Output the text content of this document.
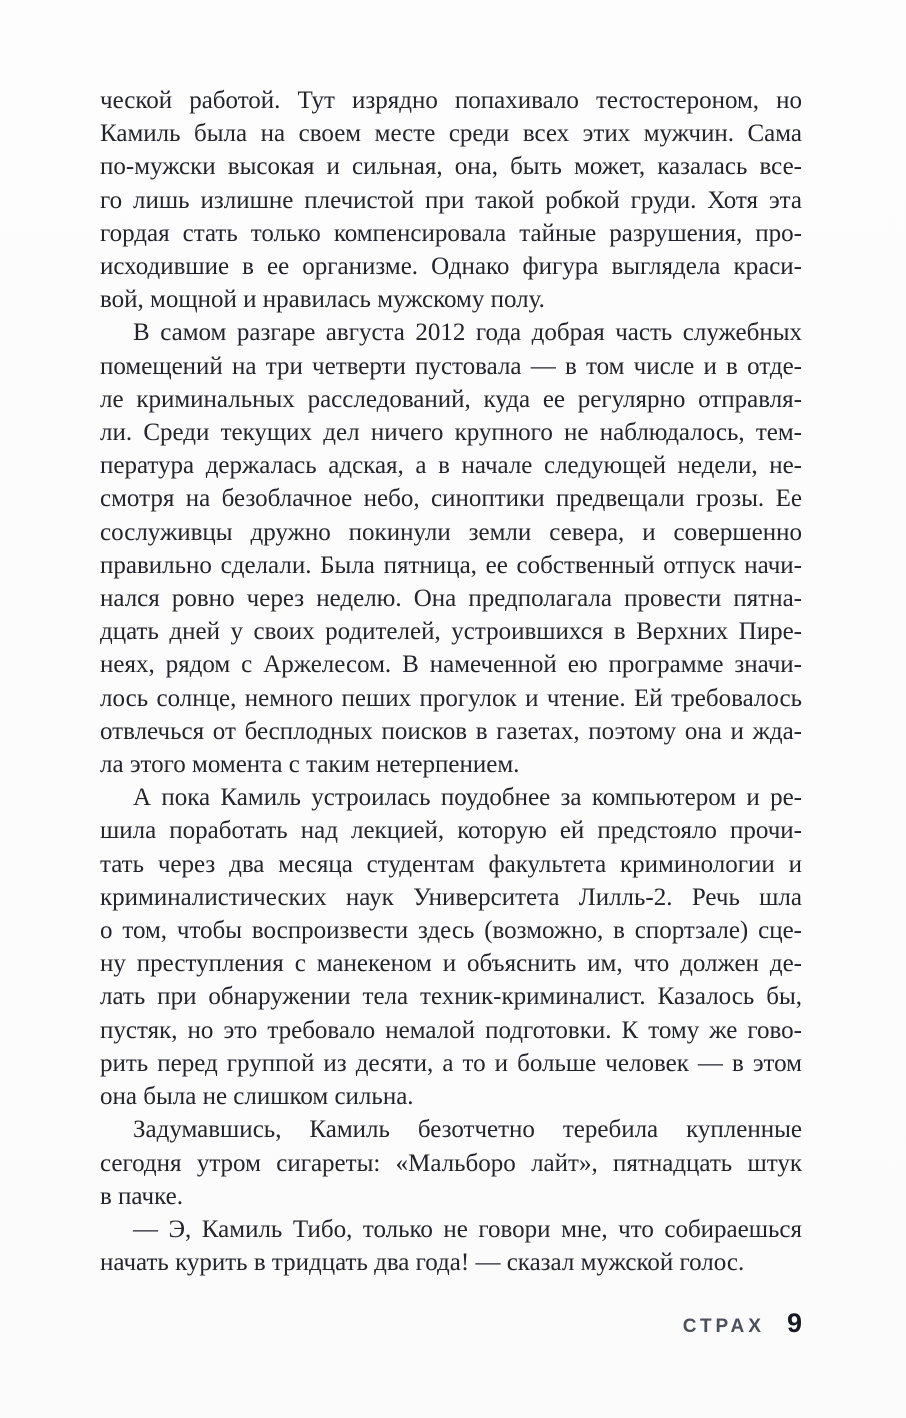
ческой работой. Тут изрядно попахивало тестостероном, но
Камиль была на своем месте среди всех этих мужчин. Сама
по-мужски высокая и сильная, она, быть может, казалась все-
го лишь излишне плечистой при такой робкой груди. Хотя эта
гордая стать только компенсировала тайные разрушения, про-
исходившие в ее организме. Однако фигура выглядела краси-
вой, мощной и нравилась мужскому полу.
В самом разгаре августа 2012 года добрая часть служебных
помещений на три четверти пустовала — в том числе и в отде-
ле криминальных расследований, куда ее регулярно отправля-
ли. Среди текущих дел ничего крупного не наблюдалось, тем-
пература держалась адская, а в начале следующей недели, не-
смотря на безоблачное небо, синоптики предвещали грозы. Ее
сослуживцы дружно покинули земли севера, и совершенно
правильно сделали. Была пятница, ее собственный отпуск начи-
нался ровно через неделю. Она предполагала провести пятна-
дцать дней у своих родителей, устроившихся в Верхних Пире-
неях, рядом с Аржелесом. В намеченной ею программе значи-
лось солнце, немного пеших прогулок и чтение. Ей требовалось
отвлечься от бесплодных поисков в газетах, поэтому она и жда-
ла этого момента с таким нетерпением.
А пока Камиль устроилась поудобнее за компьютером и ре-
шила поработать над лекцией, которую ей предстояло прочи-
тать через два месяца студентам факультета криминологии и
криминалистических наук Университета Лилль-2. Речь шла
о том, чтобы воспроизвести здесь (возможно, в спортзале) сце-
ну преступления с манекеном и объяснить им, что должен де-
лать при обнаружении тела техник-криминалист. Казалось бы,
пустяк, но это требовало немалой подготовки. К тому же гово-
рить перед группой из десяти, а то и больше человек — в этом
она была не слишком сильна.
Задумавшись, Камиль безотчетно теребила купленные
сегодня утром сигареты: «Мальборо лайт», пятнадцать штук
в пачке.
— Э, Камиль Тибо, только не говори мне, что собираешься
начать курить в тридцать два года! — сказал мужской голос.
СТРАХ 9
